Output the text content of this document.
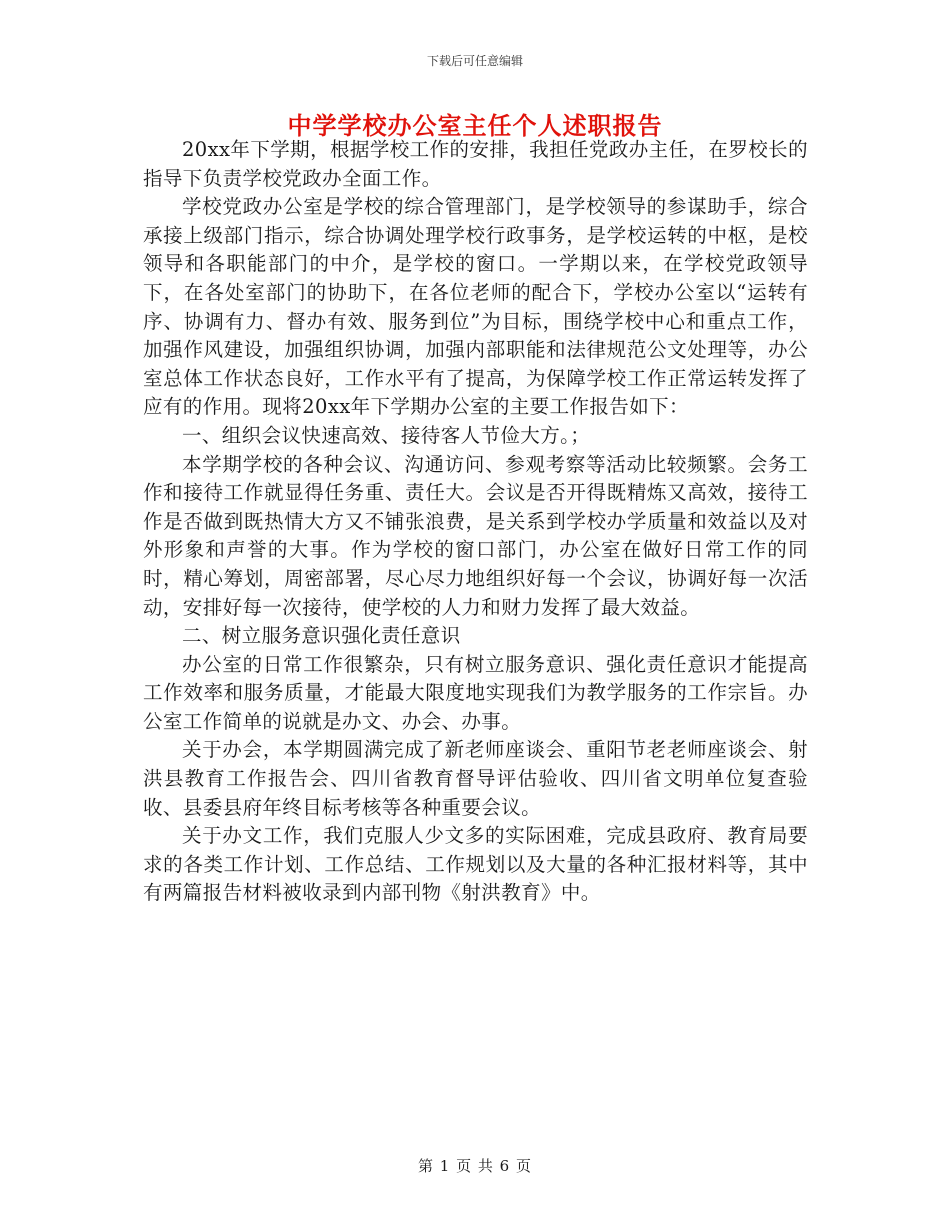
下载后可任意编辑
中学学校办公室主任个人述职报告

20xx年下学期，根据学校工作的安排，我担任党政办主任，在罗校长的指导下负责学校党政办全面工作。

学校党政办公室是学校的综合管理部门，是学校领导的参谋助手，综合承接上级部门指示，综合协调处理学校行政事务，是学校运转的中枢，是校领导和各职能部门的中介，是学校的窗口。一学期以来，在学校党政领导下，在各处室部门的协助下，在各位老师的配合下，学校办公室以“运转有序、协调有力、督办有效、服务到位”为目标，围绕学校中心和重点工作，加强作风建设，加强组织协调，加强内部职能和法律规范公文处理等，办公室总体工作状态良好，工作水平有了提高，为保障学校工作正常运转发挥了应有的作用。现将20xx年下学期办公室的主要工作报告如下：

一、组织会议快速高效、接待客人节俭大方。；

本学期学校的各种会议、沟通访问、参观考察等活动比较频繁。会务工作和接待工作就显得任务重、责任大。会议是否开得既精炼又高效，接待工作是否做到既热情大方又不铺张浪费，是关系到学校办学质量和效益以及对外形象和声誉的大事。作为学校的窗口部门，办公室在做好日常工作的同时，精心筹划，周密部署，尽心尽力地组织好每一个会议，协调好每一次活动，安排好每一次接待，使学校的人力和财力发挥了最大效益。

二、树立服务意识强化责任意识

办公室的日常工作很繁杂，只有树立服务意识、强化责任意识才能提高工作效率和服务质量，才能最大限度地实现我们为教学服务的工作宗旨。办公室工作简单的说就是办文、办会、办事。

关于办会，本学期圆满完成了新老师座谈会、重阳节老老师座谈会、射洪县教育工作报告会、四川省教育督导评估验收、四川省文明单位复查验收、县委县府年终目标考核等各种重要会议。

关于办文工作，我们克服人少文多的实际困难，完成县政府、教育局要求的各类工作计划、工作总结、工作规划以及大量的各种汇报材料等，其中有两篇报告材料被收录到内部刊物《射洪教育》中。

第 1 页 共 6 页
